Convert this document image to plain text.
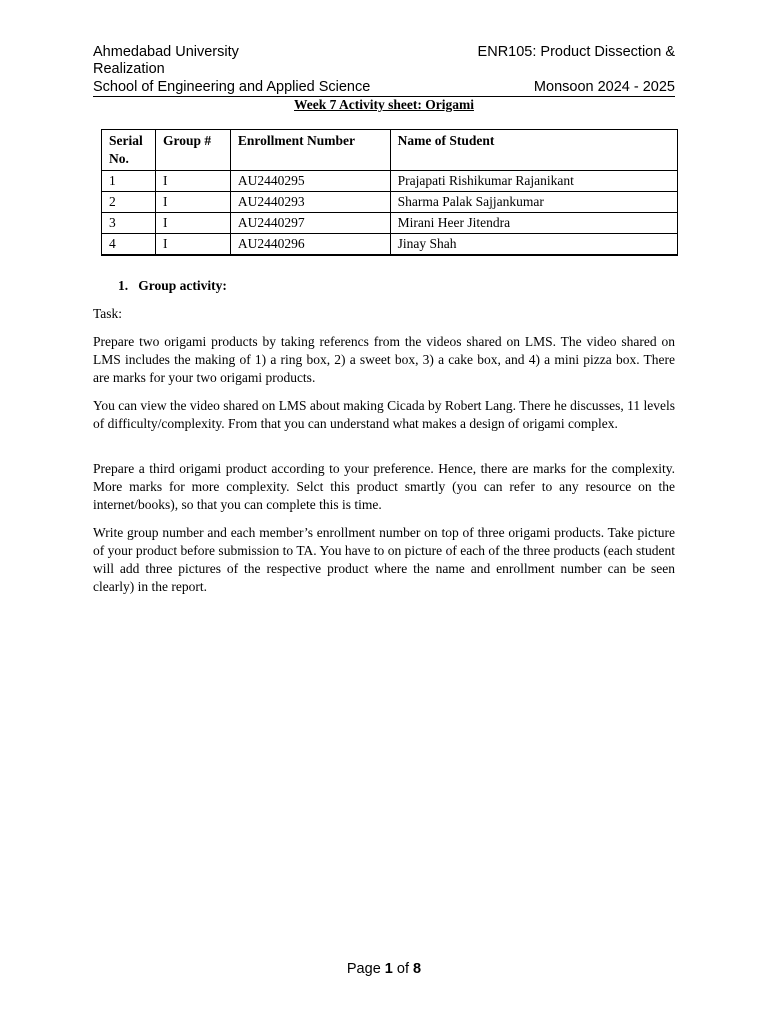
Ahmedabad University	ENR105: Product Dissection &
Realization
School of Engineering and Applied Science	Monsoon 2024 - 2025
Week 7 Activity sheet: Origami
Serial No.	Group #	Enrollment Number	Name of Student
1	I	AU2440295	Prajapati Rishikumar Rajanikant
2	I	AU2440293	Sharma Palak Sajjankumar
3	I	AU2440297	Mirani Heer Jitendra
4	I	AU2440296	Jinay Shah
1. Group activity:
Task:

Prepare two origami products by taking referencs from the videos shared on LMS. The video shared on LMS includes the making of 1) a ring box, 2) a sweet box, 3) a cake box, and 4) a mini pizza box. There are marks for your two origami products.

You can view the video shared on LMS about making Cicada by Robert Lang. There he discusses, 11 levels of difficulty/complexity. From that you can understand what makes a design of origami complex.

Prepare a third origami product according to your preference. Hence, there are marks for the complexity. More marks for more complexity. Selct this product smartly (you can refer to any resource on the internet/books), so that you can complete this is time.

Write group number and each member’s enrollment number on top of three origami products. Take picture of your product before submission to TA. You have to on picture of each of the three products (each student will add three pictures of the respective product where the name and enrollment number can be seen clearly) in the report.

Page 1 of 8
